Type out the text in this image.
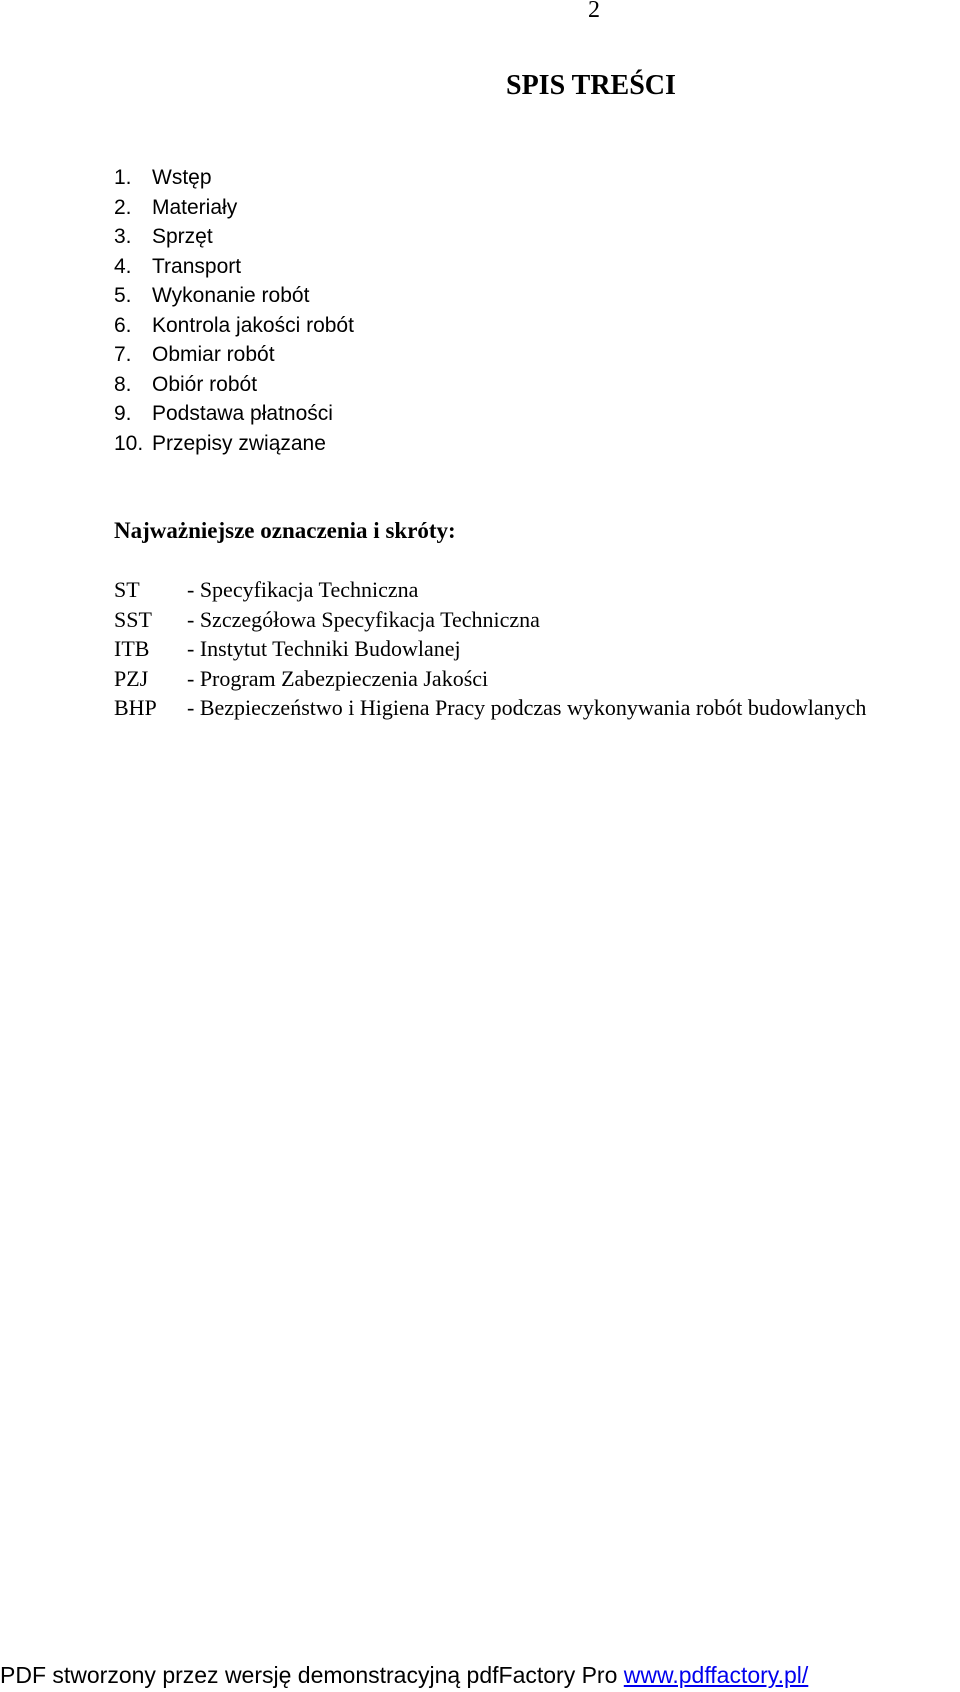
2
SPIS TREŚCI
1. Wstęp
2. Materiały
3. Sprzęt
4. Transport
5. Wykonanie robót
6. Kontrola jakości robót
7. Obmiar robót
8. Obiór robót
9. Podstawa płatności
10. Przepisy związane
Najważniejsze oznaczenia i skróty:
ST - Specyfikacja Techniczna
SST - Szczegółowa Specyfikacja Techniczna
ITB - Instytut Techniki Budowlanej
PZJ - Program Zabezpieczenia Jakości
BHP - Bezpieczeństwo i Higiena Pracy podczas wykonywania robót budowlanych
PDF stworzony przez wersję demonstracyjną pdfFactory Pro www.pdffactory.pl/
